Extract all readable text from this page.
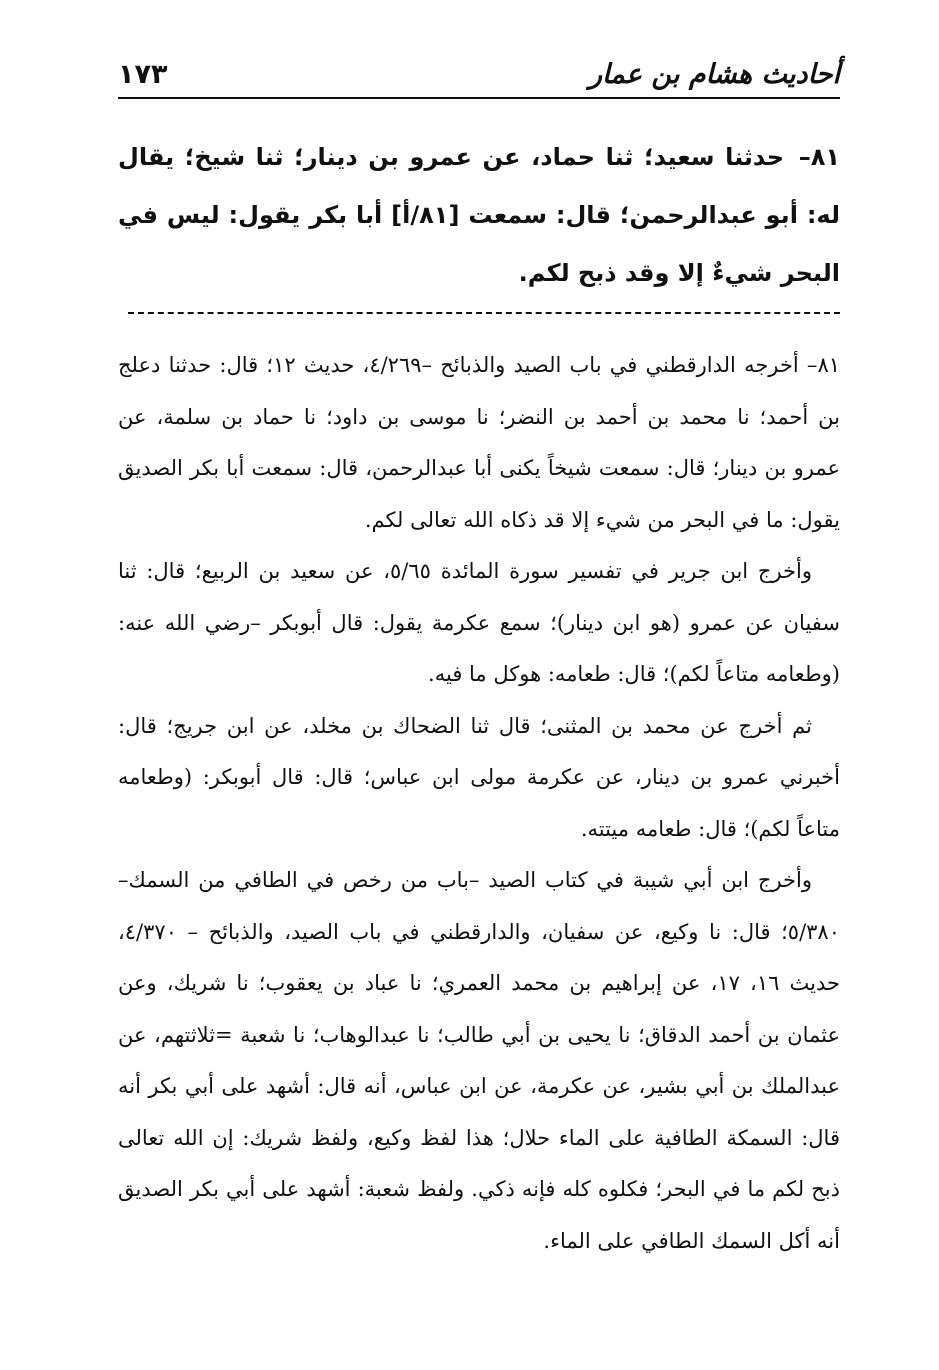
أحاديث هشام بن عمار
١٧٣
٨١– حدثنا سعيد؛ ثنا حماد، عن عمرو بن دينار؛ ثنا شيخ؛ يقال له: أبو عبدالرحمن؛ قال: سمعت [٨١/أ] أبا بكر يقول: ليس في البحر شيءٌ إلا وقد ذبح لكم.

٨١– أخرجه الدارقطني في باب الصيد والذبائح –٤/٢٦٩، حديث ١٢؛ قال: حدثنا دعلج بن أحمد؛ نا محمد بن أحمد بن النضر؛ نا موسى بن داود؛ نا حماد بن سلمة، عن عمرو بن دينار؛ قال: سمعت شيخاً يكنى أبا عبدالرحمن، قال: سمعت أبا بكر الصديق يقول: ما في البحر من شيء إلا قد ذكاه الله تعالى لكم.

وأخرج ابن جرير في تفسير سورة المائدة ٥/٦٥، عن سعيد بن الربيع؛ قال: ثنا سفيان عن عمرو (هو ابن دينار)؛ سمع عكرمة يقول: قال أبوبكر –رضي الله عنه: (وطعامه متاعاً لكم)؛ قال: طعامه: هوكل ما فيه.

ثم أخرج عن محمد بن المثنى؛ قال ثنا الضحاك بن مخلد، عن ابن جريج؛ قال: أخبرني عمرو بن دينار، عن عكرمة مولى ابن عباس؛ قال: قال أبوبكر: (وطعامه متاعاً لكم)؛ قال: طعامه ميتته.

وأخرج ابن أبي شيبة في كتاب الصيد –باب من رخص في الطافي من السمك– ٥/٣٨٠؛ قال: نا وكيع، عن سفيان، والدارقطني في باب الصيد، والذبائح – ٤/٣٧٠، حديث ١٦، ١٧، عن إبراهيم بن محمد العمري؛ نا عباد بن يعقوب؛ نا شريك، وعن عثمان بن أحمد الدقاق؛ نا يحيى بن أبي طالب؛ نا عبدالوهاب؛ نا شعبة =ثلاثتهم، عن عبدالملك بن أبي بشير، عن عكرمة، عن ابن عباس، أنه قال: أشهد على أبي بكر أنه قال: السمكة الطافية على الماء حلال؛ هذا لفظ وكيع، ولفظ شريك: إن الله تعالى ذبح لكم ما في البحر؛ فكلوه كله فإنه ذكي. ولفظ شعبة: أشهد على أبي بكر الصديق أنه أكل السمك الطافي على الماء.
